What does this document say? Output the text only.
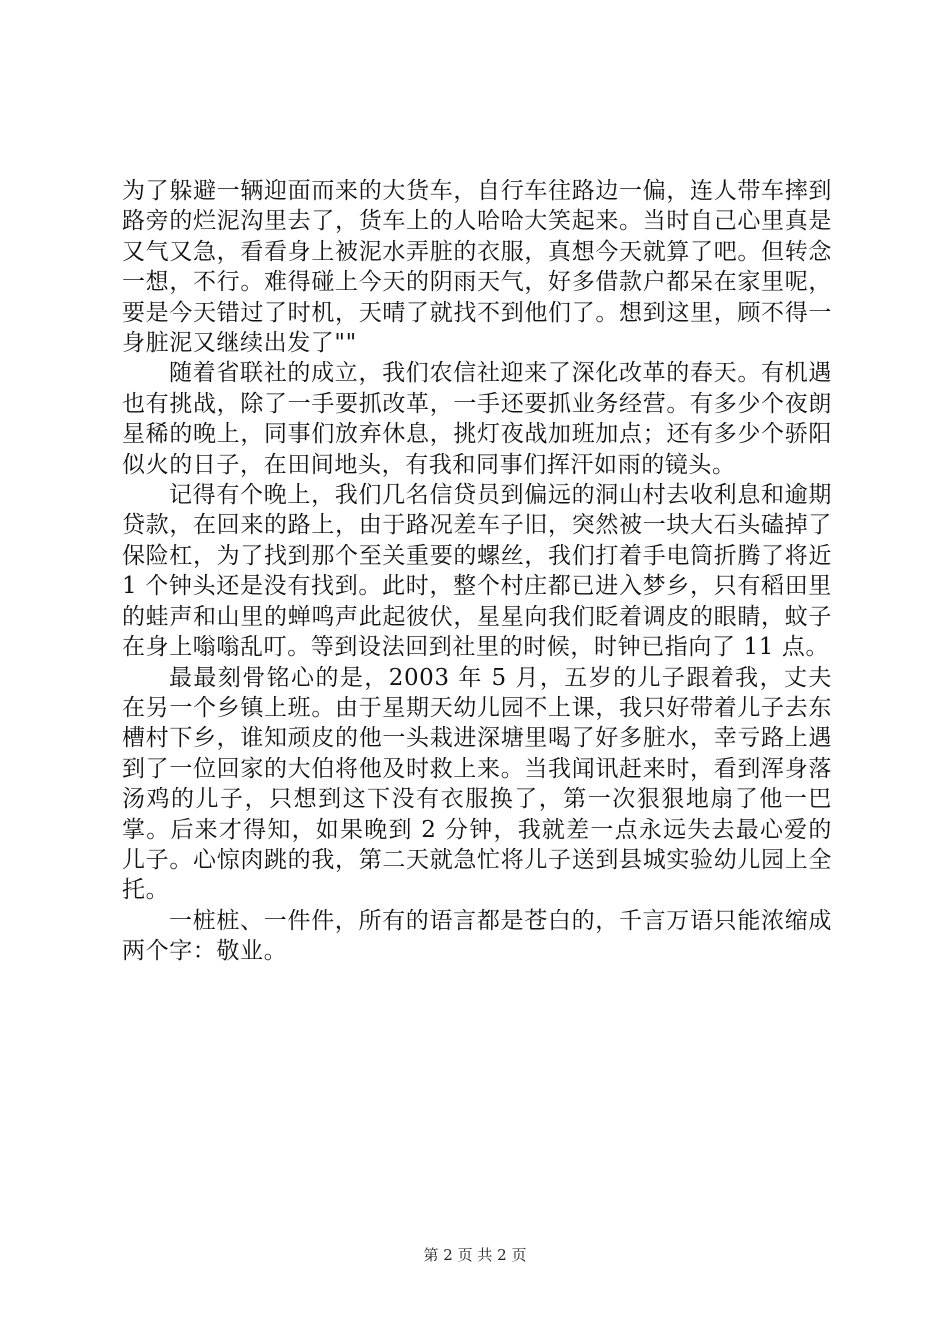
为了躲避一辆迎面而来的大货车，自行车往路边一偏，连人带车摔到路旁的烂泥沟里去了，货车上的人哈哈大笑起来。当时自己心里真是又气又急，看看身上被泥水弄脏的衣服，真想今天就算了吧。但转念一想，不行。难得碰上今天的阴雨天气，好多借款户都呆在家里呢，要是今天错过了时机，天晴了就找不到他们了。想到这里，顾不得一身脏泥又继续出发了""

随着省联社的成立，我们农信社迎来了深化改革的春天。有机遇也有挑战，除了一手要抓改革，一手还要抓业务经营。有多少个夜朗星稀的晚上，同事们放弃休息，挑灯夜战加班加点；还有多少个骄阳似火的日子，在田间地头，有我和同事们挥汗如雨的镜头。

记得有个晚上，我们几名信贷员到偏远的洞山村去收利息和逾期贷款，在回来的路上，由于路况差车子旧，突然被一块大石头磕掉了保险杠，为了找到那个至关重要的螺丝，我们打着手电筒折腾了将近 1 个钟头还是没有找到。此时，整个村庄都已进入梦乡，只有稻田里的蛙声和山里的蝉鸣声此起彼伏，星星向我们眨着调皮的眼睛，蚊子在身上嗡嗡乱叮。等到设法回到社里的时候，时钟已指向了 11 点。

最最刻骨铭心的是，2003 年 5 月，五岁的儿子跟着我，丈夫在另一个乡镇上班。由于星期天幼儿园不上课，我只好带着儿子去东槽村下乡，谁知顽皮的他一头栽进深塘里喝了好多脏水，幸亏路上遇到了一位回家的大伯将他及时救上来。当我闻讯赶来时，看到浑身落汤鸡的儿子，只想到这下没有衣服换了，第一次狠狠地扇了他一巴掌。后来才得知，如果晚到 2 分钟，我就差一点永远失去最心爱的儿子。心惊肉跳的我，第二天就急忙将儿子送到县城实验幼儿园上全托。

一桩桩、一件件，所有的语言都是苍白的，千言万语只能浓缩成两个字：敬业。

第 2 页 共 2 页
